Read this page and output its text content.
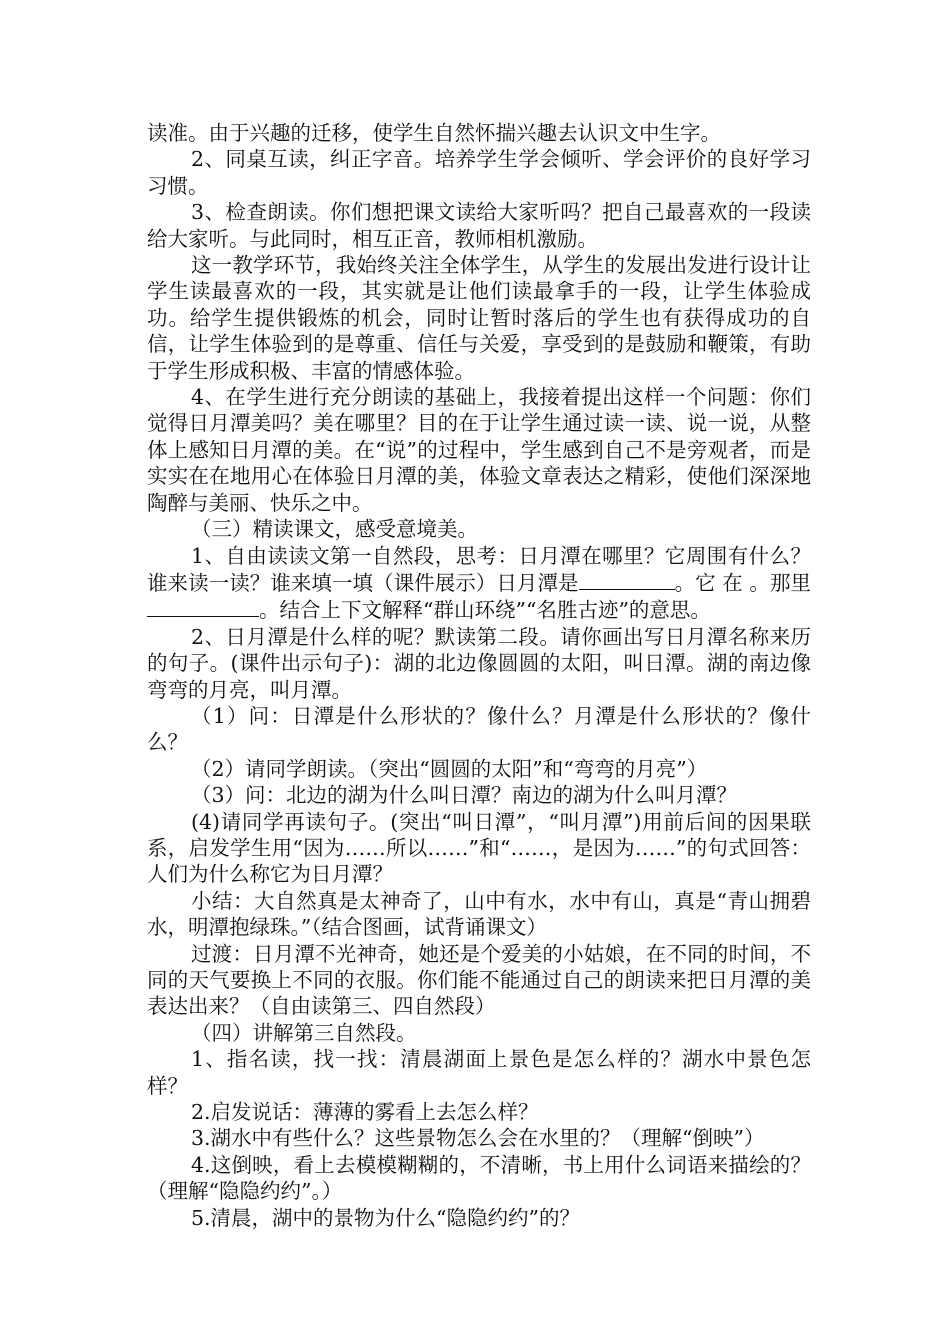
读准。由于兴趣的迁移，使学生自然怀揣兴趣去认识文中生字。

2、同桌互读，纠正字音。培养学生学会倾听、学会评价的良好学习习惯。

3、检查朗读。你们想把课文读给大家听吗？把自己最喜欢的一段读给大家听。与此同时，相互正音，教师相机激励。

这一教学环节，我始终关注全体学生，从学生的发展出发进行设计让学生读最喜欢的一段，其实就是让他们读最拿手的一段，让学生体验成功。给学生提供锻炼的机会，同时让暂时落后的学生也有获得成功的自信，让学生体验到的是尊重、信任与关爱，享受到的是鼓励和鞭策，有助于学生形成积极、丰富的情感体验。

4、在学生进行充分朗读的基础上，我接着提出这样一个问题：你们觉得日月潭美吗？美在哪里？目的在于让学生通过读一读、说一说，从整体上感知日月潭的美。在“说”的过程中，学生感到自己不是旁观者，而是实实在在地用心在体验日月潭的美，体验文章表达之精彩，使他们深深地陶醉与美丽、快乐之中。

（三）精读课文，感受意境美。

1、自由读读文第一自然段，思考：日月潭在哪里？它周围有什么？谁来读一读？谁来填一填（课件展示）日月潭是	。它 在 。那里。结合上下文解释“群山环绕”“名胜古迹”的意思。

2、日月潭是什么样的呢？默读第二段。请你画出写日月潭名称来历的句子。(课件出示句子)：湖的北边像圆圆的太阳，叫日潭。湖的南边像弯弯的月亮，叫月潭。

（1）问：日潭是什么形状的？像什么？月潭是什么形状的？像什么？

（2）请同学朗读。（突出“圆圆的太阳”和“弯弯的月亮”）

（3）问：北边的湖为什么叫日潭？南边的湖为什么叫月潭？

(4)请同学再读句子。(突出“叫日潭”，“叫月潭”)用前后间的因果联系，启发学生用“因为……所以……”和“……，是因为……”的句式回答：人们为什么称它为日月潭？

小结：大自然真是太神奇了，山中有水，水中有山，真是“青山拥碧水，明潭抱绿珠。”（结合图画，试背诵课文）

过渡：日月潭不光神奇，她还是个爱美的小姑娘，在不同的时间，不同的天气要换上不同的衣服。你们能不能通过自己的朗读来把日月潭的美表达出来？（自由读第三、四自然段）

（四）讲解第三自然段。

1、指名读，找一找：清晨湖面上景色是怎么样的？湖水中景色怎样？

2.启发说话：薄薄的雾看上去怎么样？

3.湖水中有些什么？这些景物怎么会在水里的？（理解“倒映”）

4.这倒映，看上去模模糊糊的，不清晰，书上用什么词语来描绘的？（理解“隐隐约约”。）

5.清晨，湖中的景物为什么“隐隐约约”的？
